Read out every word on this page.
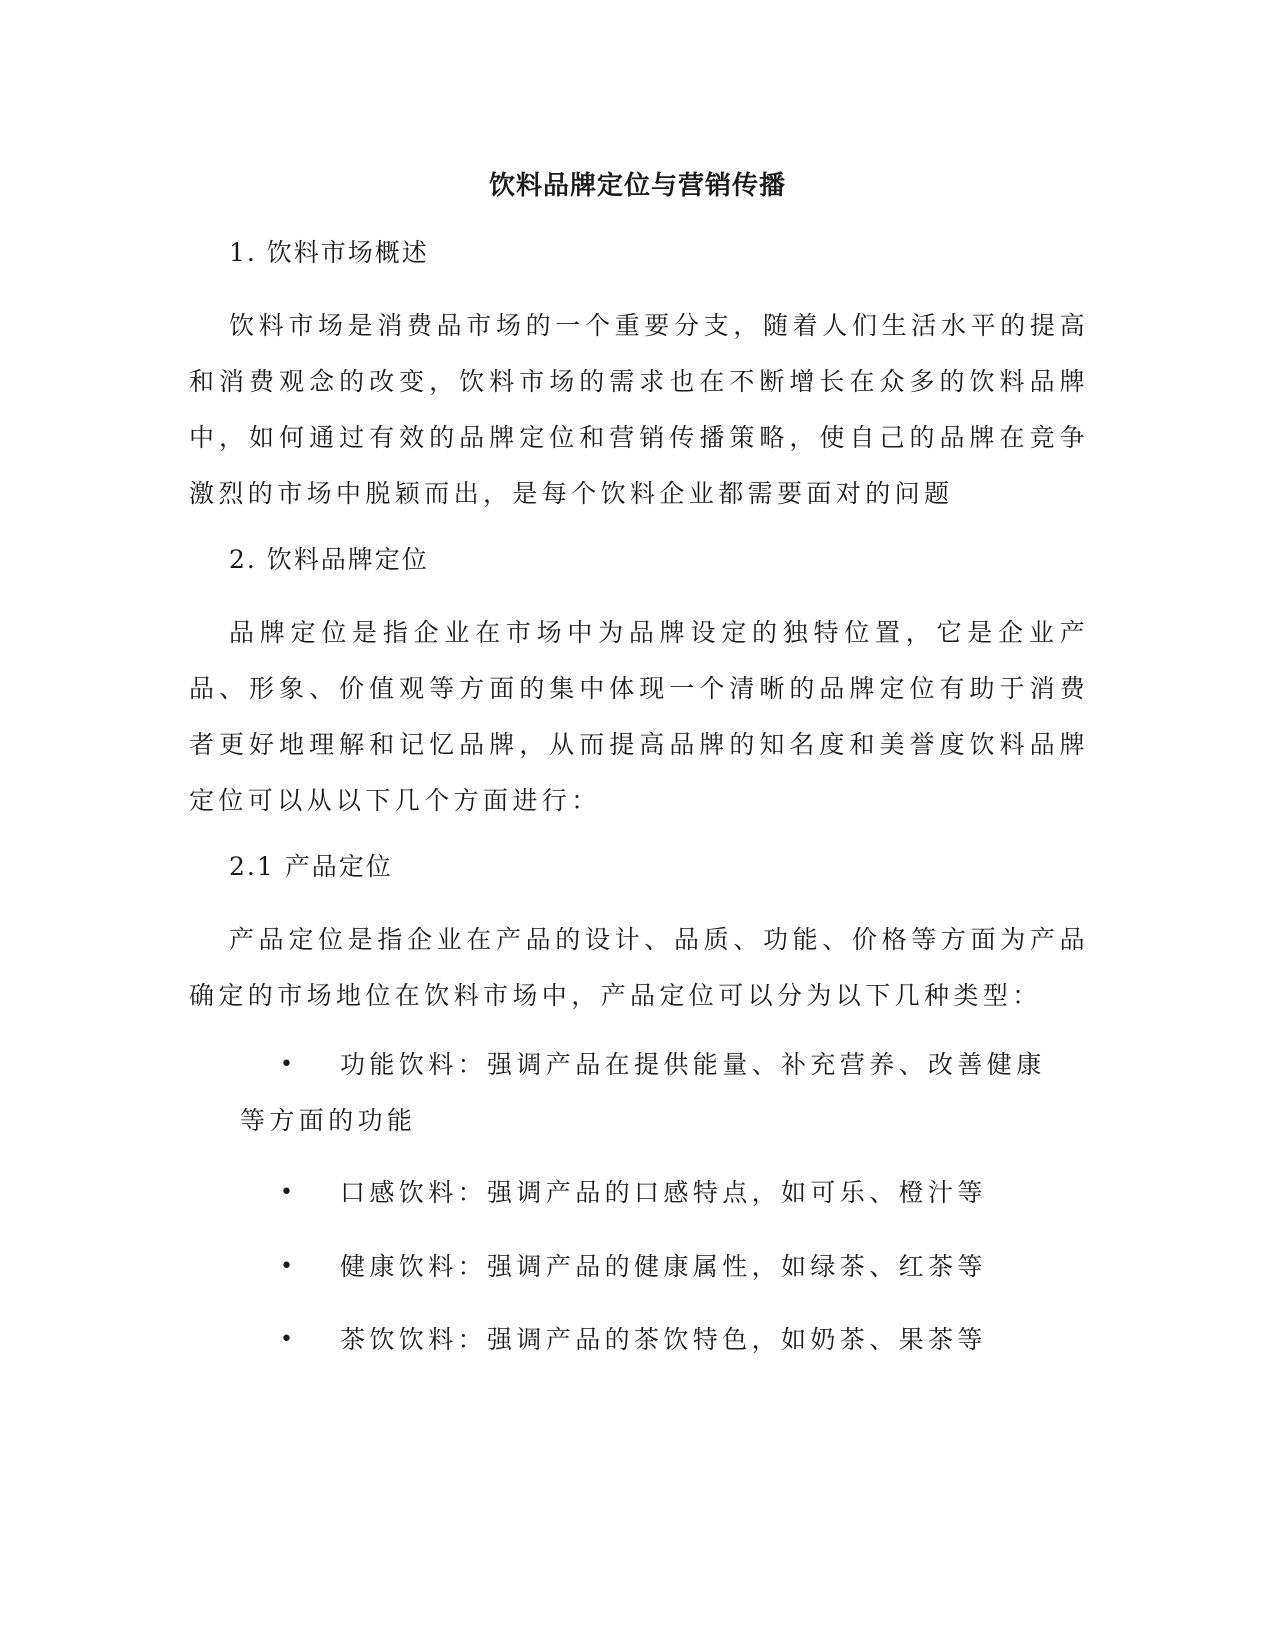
饮料品牌定位与营销传播
1. 饮料市场概述

饮料市场是消费品市场的一个重要分支，随着人们生活水平的提高和消费观念的改变，饮料市场的需求也在不断增长在众多的饮料品牌中，如何通过有效的品牌定位和营销传播策略，使自己的品牌在竞争激烈的市场中脱颖而出，是每个饮料企业都需要面对的问题

2. 饮料品牌定位

品牌定位是指企业在市场中为品牌设定的独特位置，它是企业产品、形象、价值观等方面的集中体现一个清晰的品牌定位有助于消费者更好地理解和记忆品牌，从而提高品牌的知名度和美誉度饮料品牌定位可以从以下几个方面进行：

2.1 产品定位

产品定位是指企业在产品的设计、品质、功能、价格等方面为产品确定的市场地位在饮料市场中，产品定位可以分为以下几种类型：

•	功能饮料：强调产品在提供能量、补充营养、改善健康等方面的功能
•	口感饮料：强调产品的口感特点，如可乐、橙汁等
•	健康饮料：强调产品的健康属性，如绿茶、红茶等
•	茶饮饮料：强调产品的茶饮特色，如奶茶、果茶等
